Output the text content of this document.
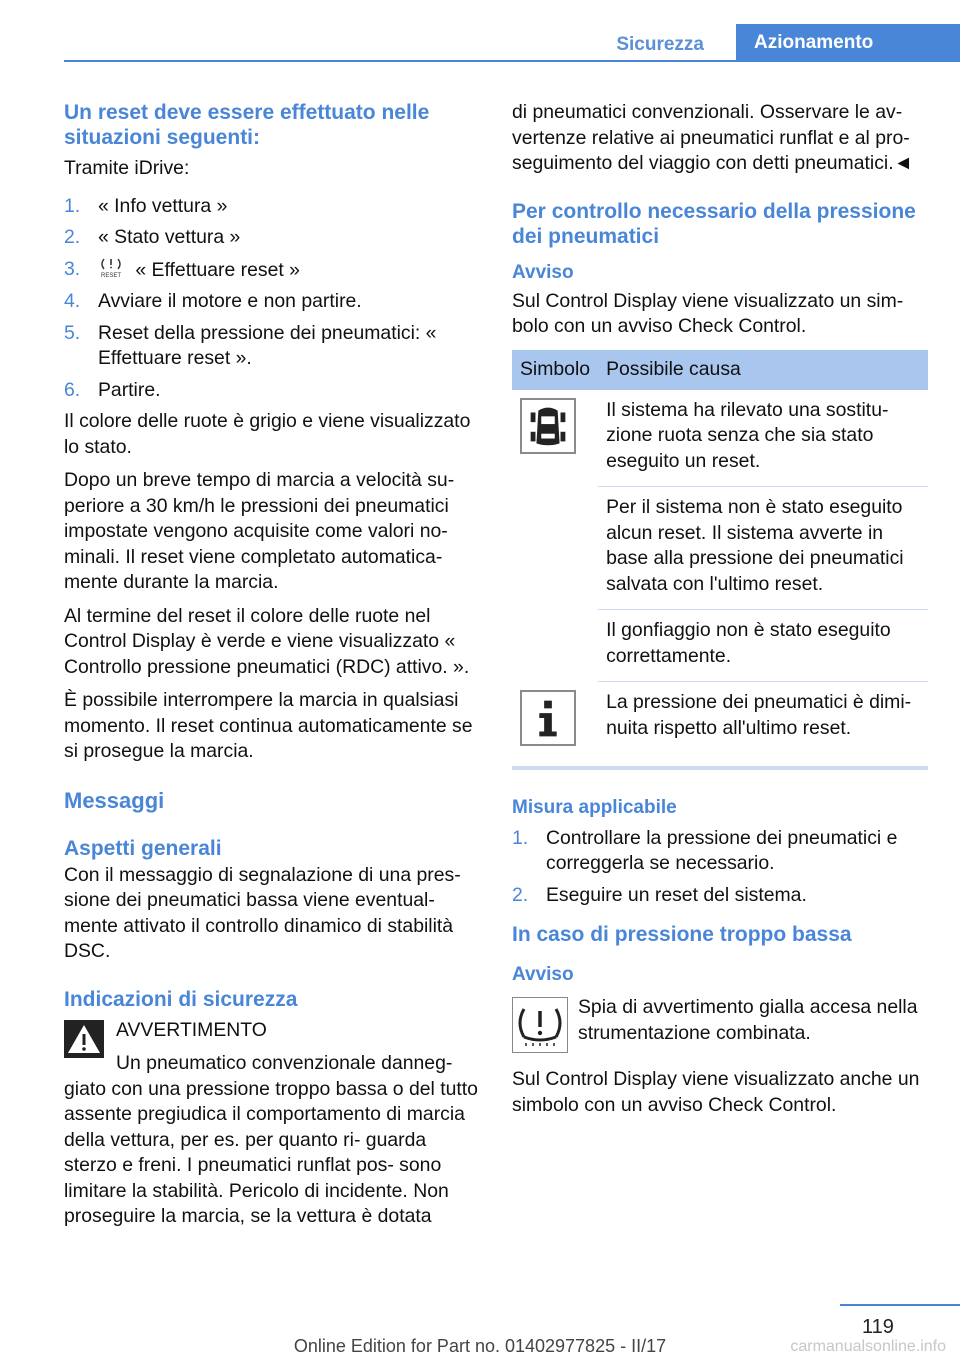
Sicurezza	Azionamento
Un reset deve essere effettuato nelle situazioni seguenti:

Tramite iDrive:

1. « Info vettura »
2. « Stato vettura »
3.	RESET « Effettuare reset »
4. Avviare il motore e non partire.
5. Reset della pressione dei pneumatici: « Effettuare reset ».
6. Partire.

Il colore delle ruote è grigio e viene visualizzato lo stato.

Dopo un breve tempo di marcia a velocità su- periore a 30 km/h le pressioni dei pneumatici impostate vengono acquisite come valori no- minali. Il reset viene completato automatica- mente durante la marcia.

Al termine del reset il colore delle ruote nel Control Display è verde e viene visualizzato « Controllo pressione pneumatici (RDC) attivo. ».

È possibile interrompere la marcia in qualsiasi momento. Il reset continua automaticamente se si prosegue la marcia.

Messaggi
Aspetti generali

Con il messaggio di segnalazione di una pres- sione dei pneumatici bassa viene eventual- mente attivato il controllo dinamico di stabilità DSC.

Indicazioni di sicurezza

AVVERTIMENTO

Un pneumatico convenzionale danneg- giato con una pressione troppo bassa o del tutto assente pregiudica il comportamento di marcia della vettura, per es. per quanto ri- guarda sterzo e freni. I pneumatici runflat pos- sono limitare la stabilità. Pericolo di incidente. Non proseguire la marcia, se la vettura è dotata

di pneumatici convenzionali. Osservare le av- vertenze relative ai pneumatici runflat e al pro- seguimento del viaggio con detti pneumatici.◄

Per controllo necessario della pressione dei pneumatici
Avviso

Sul Control Display viene visualizzato un sim- bolo con un avviso Check Control.

Simbolo	Possibile causa

	Il sistema ha rilevato una sostitu- zione ruota senza che sia stato eseguito un reset.
	Per il sistema non è stato eseguito alcun reset. Il sistema avverte in base alla pressione dei pneumatici salvata con l'ultimo reset.
	Il gonfiaggio non è stato eseguito correttamente.

	La pressione dei pneumatici è dimi- nuita rispetto all'ultimo reset.
Misura applicabile
1. Controllare la pressione dei pneumatici e correggerla se necessario.
2. Eseguire un reset del sistema.
In caso di pressione troppo bassa
Avviso

Spia di avvertimento gialla accesa nella strumentazione combinata.

Sul Control Display viene visualizzato anche un simbolo con un avviso Check Control.

119
Online Edition for Part no. 01402977825 - II/17	carmanualsonline.info
